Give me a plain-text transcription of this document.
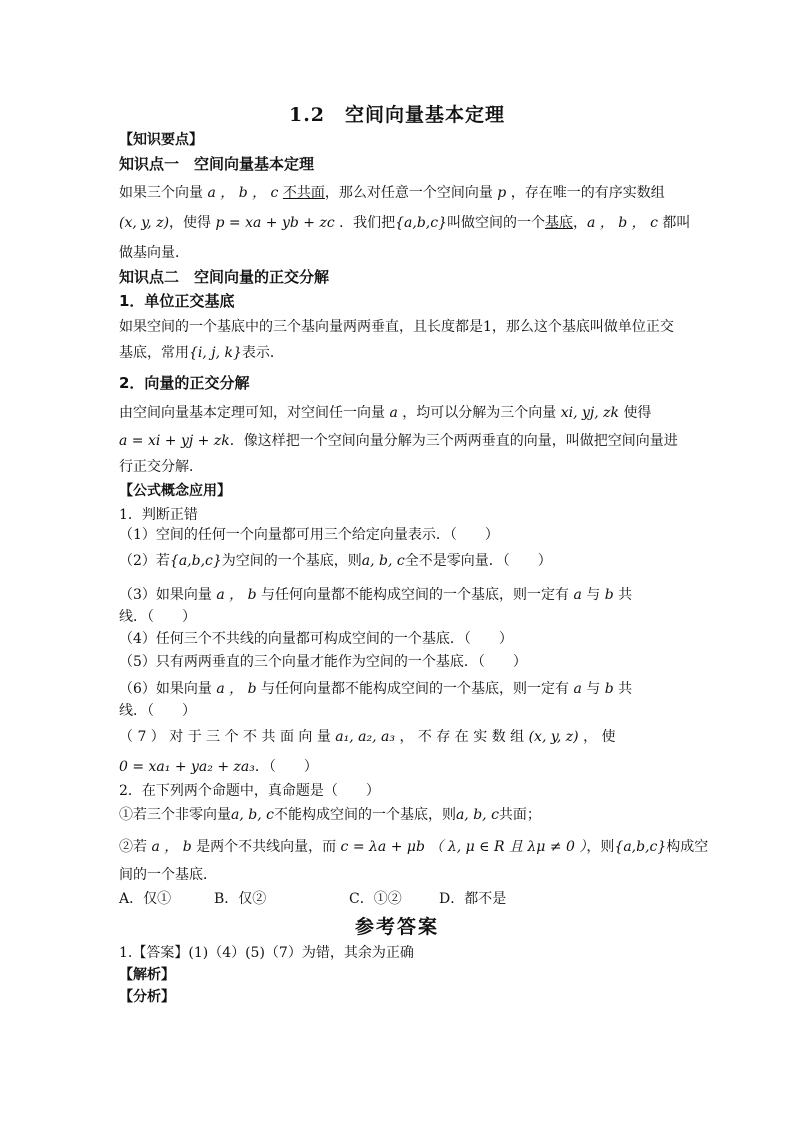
1.2　空间向量基本定理
【知识要点】
知识点一　空间向量基本定理
如果三个向量 a ， b ， c 不共面，那么对任意一个空间向量 p ，存在唯一的有序实数组
(x, y, z)，使得 p = xa + yb + zc ．我们把{a,b,c}叫做空间的一个基底，a ， b ， c 都叫
做基向量．
知识点二　空间向量的正交分解
1．单位正交基底
如果空间的一个基底中的三个基向量两两垂直，且长度都是1，那么这个基底叫做单位正交
基底，常用{i, j, k}表示．
2．向量的正交分解
由空间向量基本定理可知，对空间任一向量 a ，均可以分解为三个向量 xi, yj, zk 使得
a = xi + yj + zk．像这样把一个空间向量分解为三个两两垂直的向量，叫做把空间向量进
行正交分解．
【公式概念应用】
1．判断正错
（1）空间的任何一个向量都可用三个给定向量表示．（　　）
（2）若{a,b,c}为空间的一个基底，则a, b, c全不是零向量．（　　）
（3）如果向量 a ， b 与任何向量都不能构成空间的一个基底，则一定有 a 与 b 共
线．（　　）
（4）任何三个不共线的向量都可构成空间的一个基底．（　　）
（5）只有两两垂直的三个向量才能作为空间的一个基底．（　　）
（6）如果向量 a ， b 与任何向量都不能构成空间的一个基底，则一定有 a 与 b 共
线．（　　）
（ 7 ） 对 于 三 个 不 共 面 向 量 a₁, a₂, a₃ ， 不 存 在 实 数 组 (x, y, z) ， 使
0 = xa₁ + ya₂ + za₃．（　　）
2．在下列两个命题中，真命题是（　　）
①若三个非零向量a, b, c不能构成空间的一个基底，则a, b, c共面；
②若 a ， b 是两个不共线向量，而 c = λa + μb （ λ, μ ∈ R 且 λμ ≠ 0 ），则{a,b,c}构成空
间的一个基底．
A．仅①	B．仅②	C．①②	D．都不是
参考答案
1.【答案】(1)（4）(5)（7）为错，其余为正确
【解析】
【分析】
